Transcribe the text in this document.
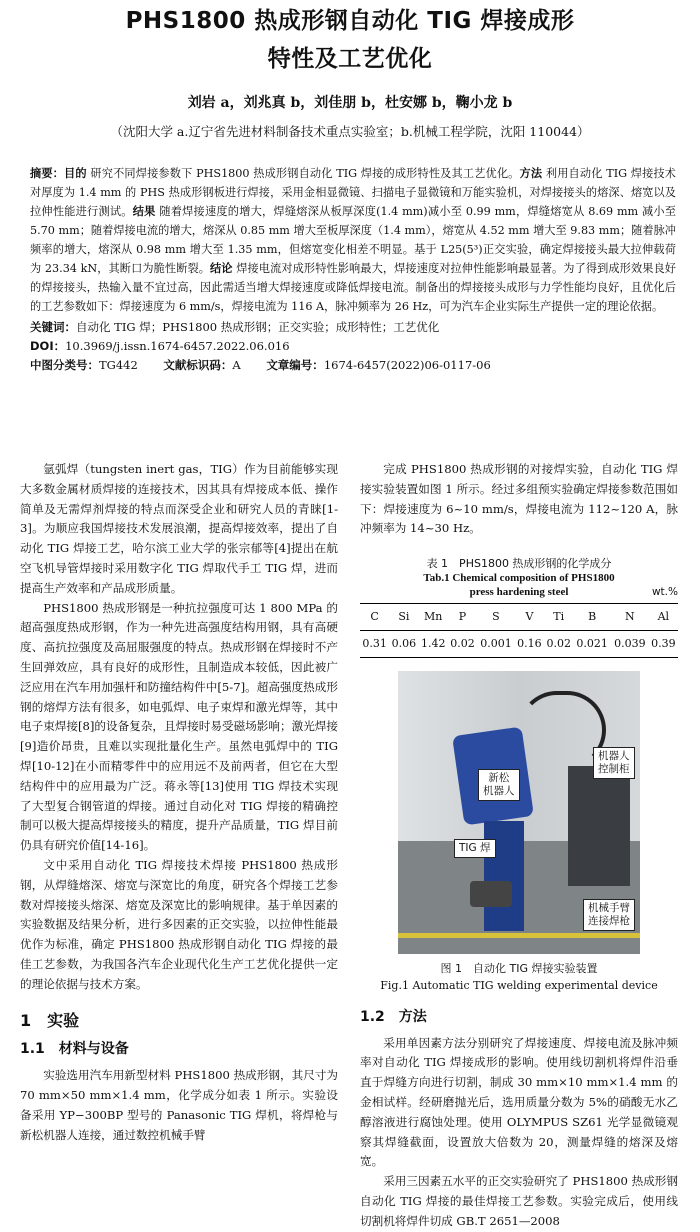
PHS1800 热成形钢自动化 TIG 焊接成形
特性及工艺优化
刘岩 a，刘兆真 b，刘佳朋 b，杜安娜 b，鞠小龙 b
（沈阳大学 a.辽宁省先进材料制备技术重点实验室；b.机械工程学院，沈阳 110044）
摘要：目的 研究不同焊接参数下 PHS1800 热成形钢自动化 TIG 焊接的成形特性及其工艺优化。方法 利用自动化 TIG 焊接技术对厚度为 1.4 mm 的 PHS 热成形钢板进行焊接，采用金相显微镜、扫描电子显微镜和万能实验机，对焊接接头的熔深、熔宽以及拉伸性能进行测试。结果 随着焊接速度的增大，焊缝熔深从板厚深度(1.4 mm)减小至 0.99 mm，焊缝熔宽从 8.69 mm 减小至 5.70 mm；随着焊接电流的增大，熔深从 0.85 mm 增大至板厚深度（1.4 mm），熔宽从 4.52 mm 增大至 9.83 mm；随着脉冲频率的增大，熔深从 0.98 mm 增大至 1.35 mm，但熔宽变化相差不明显。基于 L25(5³)正交实验，确定焊接接头最大拉伸载荷为 23.34 kN，其断口为脆性断裂。结论 焊接电流对成形特性影响最大，焊接速度对拉伸性能影响最显著。为了得到成形效果良好的焊接接头，热输入量不宜过高，因此需适当增大焊接速度或降低焊接电流。制备出的焊接接头成形与力学性能均良好，且优化后的工艺参数如下：焊接速度为 6 mm/s，焊接电流为 116 A，脉冲频率为 26 Hz，可为汽车企业实际生产提供一定的理论依据。
关键词：自动化 TIG 焊；PHS1800 热成形钢；正交实验；成形特性；工艺优化
DOI：10.3969/j.issn.1674-6457.2022.06.016
中图分类号：TG442 文献标识码：A 文章编号：1674-6457(2022)06-0117-06

氩弧焊（tungsten inert gas，TIG）作为目前能够实现大多数金属材质焊接的连接技术，因其具有焊接成本低、操作简单及无需焊剂焊接的特点而深受企业和研究人员的青睐[1-3]。为顺应我国焊接技术发展浪潮，提高焊接效率，提出了自动化 TIG 焊接工艺，哈尔滨工业大学的张宗郁等[4]提出在航空飞机导管焊接时采用数字化 TIG 焊取代手工 TIG 焊，进而提高生产效率和产品成形质量。

PHS1800 热成形钢是一种抗拉强度可达 1 800 MPa 的超高强度热成形钢，作为一种先进高强度结构用钢，具有高硬度、高抗拉强度及高屈服强度的特点。热成形钢在焊接时不产生回弹效应，具有良好的成形性，且制造成本较低，因此被广泛应用在汽车用加强杆和防撞结构件中[5-7]。超高强度热成形钢的熔焊方法有很多，如电弧焊、电子束焊和激光焊等，其中电子束焊接[8]的设备复杂，且焊接时易受磁场影响；激光焊接[9]造价昂贵，且难以实现批量化生产。虽然电弧焊中的 TIG 焊[10-12]在小而精零件中的应用远不及前两者，但它在大型结构件中的应用最为广泛。蒋永等[13]使用 TIG 焊技术实现了大型复合钢管道的焊接。通过自动化对 TIG 焊接的精确控制可以极大提高焊接接头的精度，提升产品质量，TIG 焊目前仍具有研究价值[14-16]。

文中采用自动化 TIG 焊接技术焊接 PHS1800 热成形钢，从焊缝熔深、熔宽与深宽比的角度，研究各个焊接工艺参数对焊接接头熔深、熔宽及深宽比的影响规律。基于单因素的实验数据及结果分析，进行多因素的正交实验，以拉伸性能最优作为标准，确定 PHS1800 热成形钢自动化 TIG 焊接的最佳工艺参数，为我国各汽车企业现代化生产工艺优化提供一定的理论依据与技术方案。

1　实验
1.1　材料与设备

实验选用汽车用新型材料 PHS1800 热成形钢，其尺寸为 70 mm×50 mm×1.4 mm，化学成分如表 1 所示。实验设备采用 YP−300BP 型号的 Panasonic TIG 焊机，将焊枪与新松机器人连接，通过数控机械手臂

完成 PHS1800 热成形钢的对接焊实验，自动化 TIG 焊接实验装置如图 1 所示。经过多组预实验确定焊接参数范围如下：焊接速度为 6~10 mm/s，焊接电流为 112~120 A，脉冲频率为 14~30 Hz。

表 1　PHS1800 热成形钢的化学成分
Tab.1 Chemical composition of PHS1800
press hardening steel	wt.%
C	Si	Mn	P	S	V	Ti	B	N	Al
0.31	0.06	1.42	0.02	0.001	0.16	0.02	0.021	0.039	0.39
机器人
控制柜
新松
机器人
TIG 焊
机械手臂
连接焊枪
图 1　自动化 TIG 焊接实验装置
Fig.1 Automatic TIG welding experimental device
1.2　方法

采用单因素方法分别研究了焊接速度、焊接电流及脉冲频率对自动化 TIG 焊接成形的影响。使用线切割机将焊件沿垂直于焊缝方向进行切割，制成 30 mm×10 mm×1.4 mm 的金相试样。经研磨抛光后，选用质量分数为 5%的硝酸无水乙醇溶液进行腐蚀处理。使用 OLYMPUS SZ61 光学显微镜观察其焊缝截面，设置放大倍数为 20，测量焊缝的熔深及熔宽。

采用三因素五水平的正交实验研究了 PHS1800 热成形钢自动化 TIG 焊接的最佳焊接工艺参数。实验完成后，使用线切割机将焊件切成 GB.T 2651—2008
